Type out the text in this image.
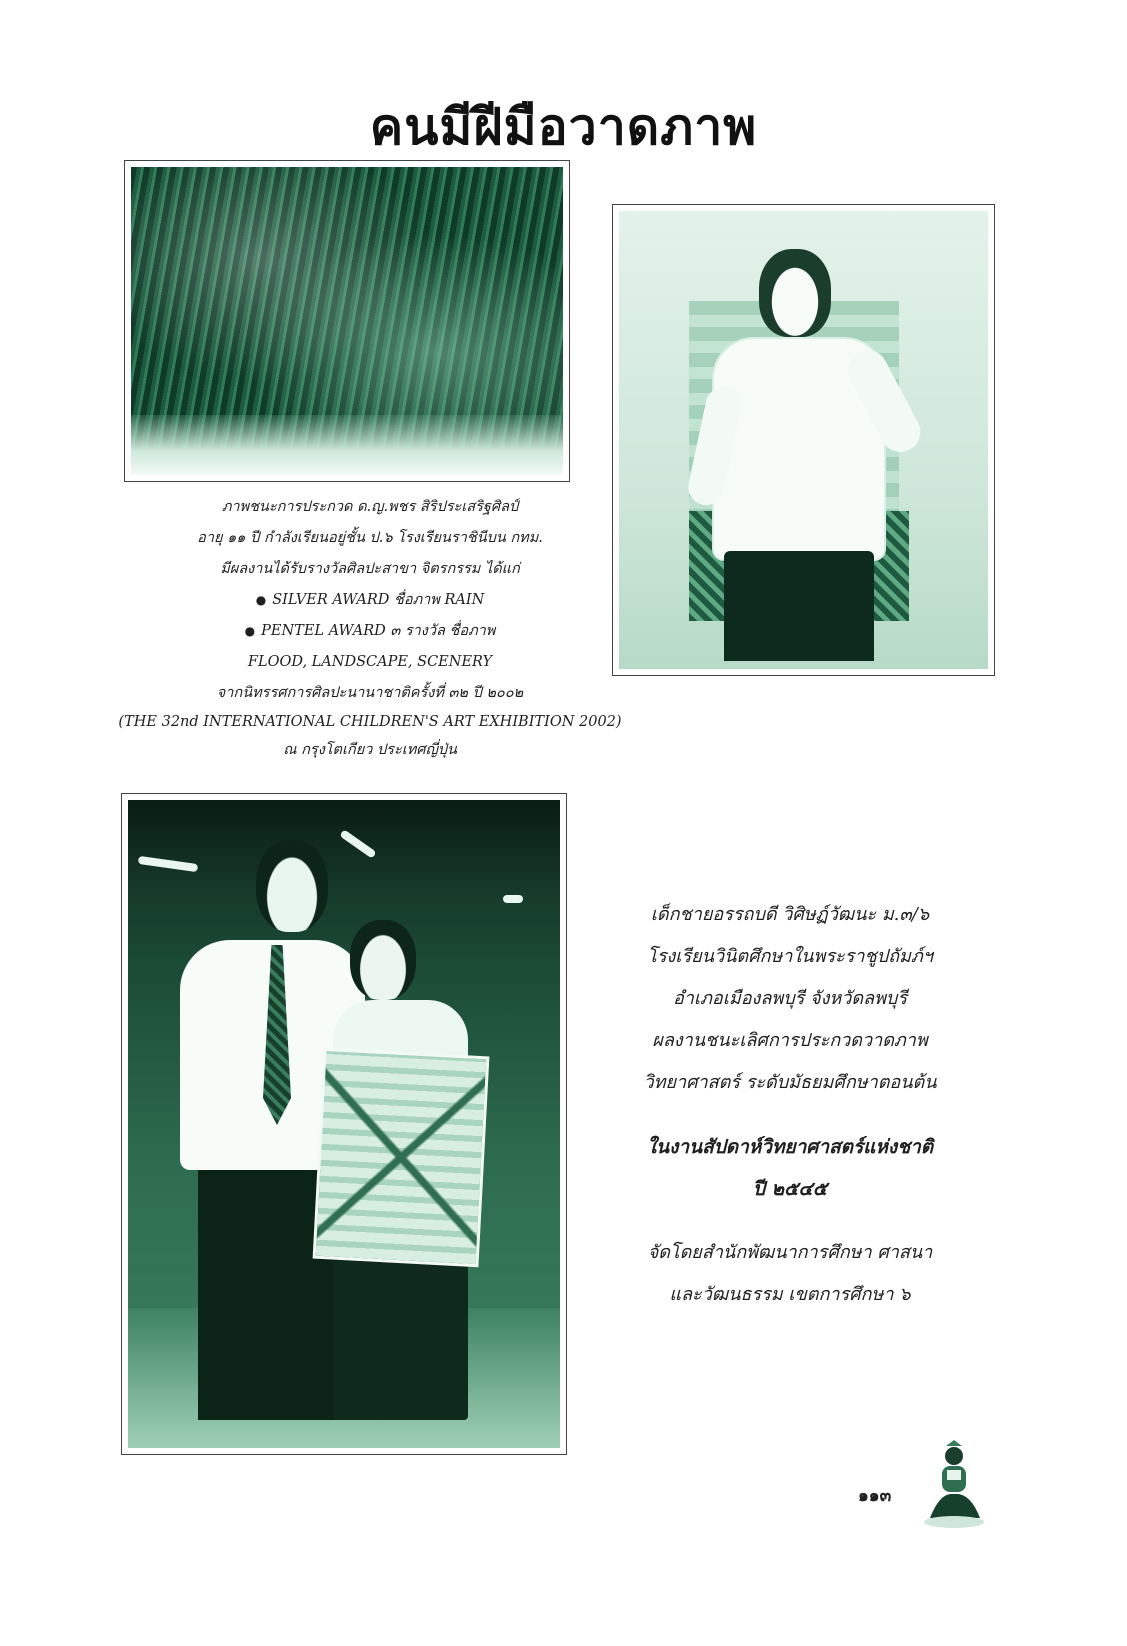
คนมีฝีมือวาดภาพ
ภาพชนะการประกวด ด.ญ.พชร สิริประเสริฐศิลป์
อายุ ๑๑ ปี กำลังเรียนอยู่ชั้น ป.๖ โรงเรียนราชินีบน กทม.
มีผลงานได้รับรางวัลศิลปะสาขา จิตรกรรม ได้แก่
● SILVER AWARD ชื่อภาพ RAIN
● PENTEL AWARD ๓ รางวัล ชื่อภาพ
FLOOD, LANDSCAPE, SCENERY
จากนิทรรศการศิลปะนานาชาติครั้งที่ ๓๒ ปี ๒๐๐๒
(THE 32nd INTERNATIONAL CHILDREN'S ART EXHIBITION 2002)
ณ กรุงโตเกียว ประเทศญี่ปุ่น
เด็กชายอรรถบดี วิศิษฏ์วัฒนะ ม.๓/๖
โรงเรียนวินิตศึกษาในพระราชูปถัมภ์ฯ
อำเภอเมืองลพบุรี จังหวัดลพบุรี
ผลงานชนะเลิศการประกวดวาดภาพ
วิทยาศาสตร์ ระดับมัธยมศึกษาตอนต้น
ในงานสัปดาห์วิทยาศาสตร์แห่งชาติ
ปี ๒๕๔๕
จัดโดยสำนักพัฒนาการศึกษา ศาสนา
และวัฒนธรรม เขตการศึกษา ๖
๑๑๓
